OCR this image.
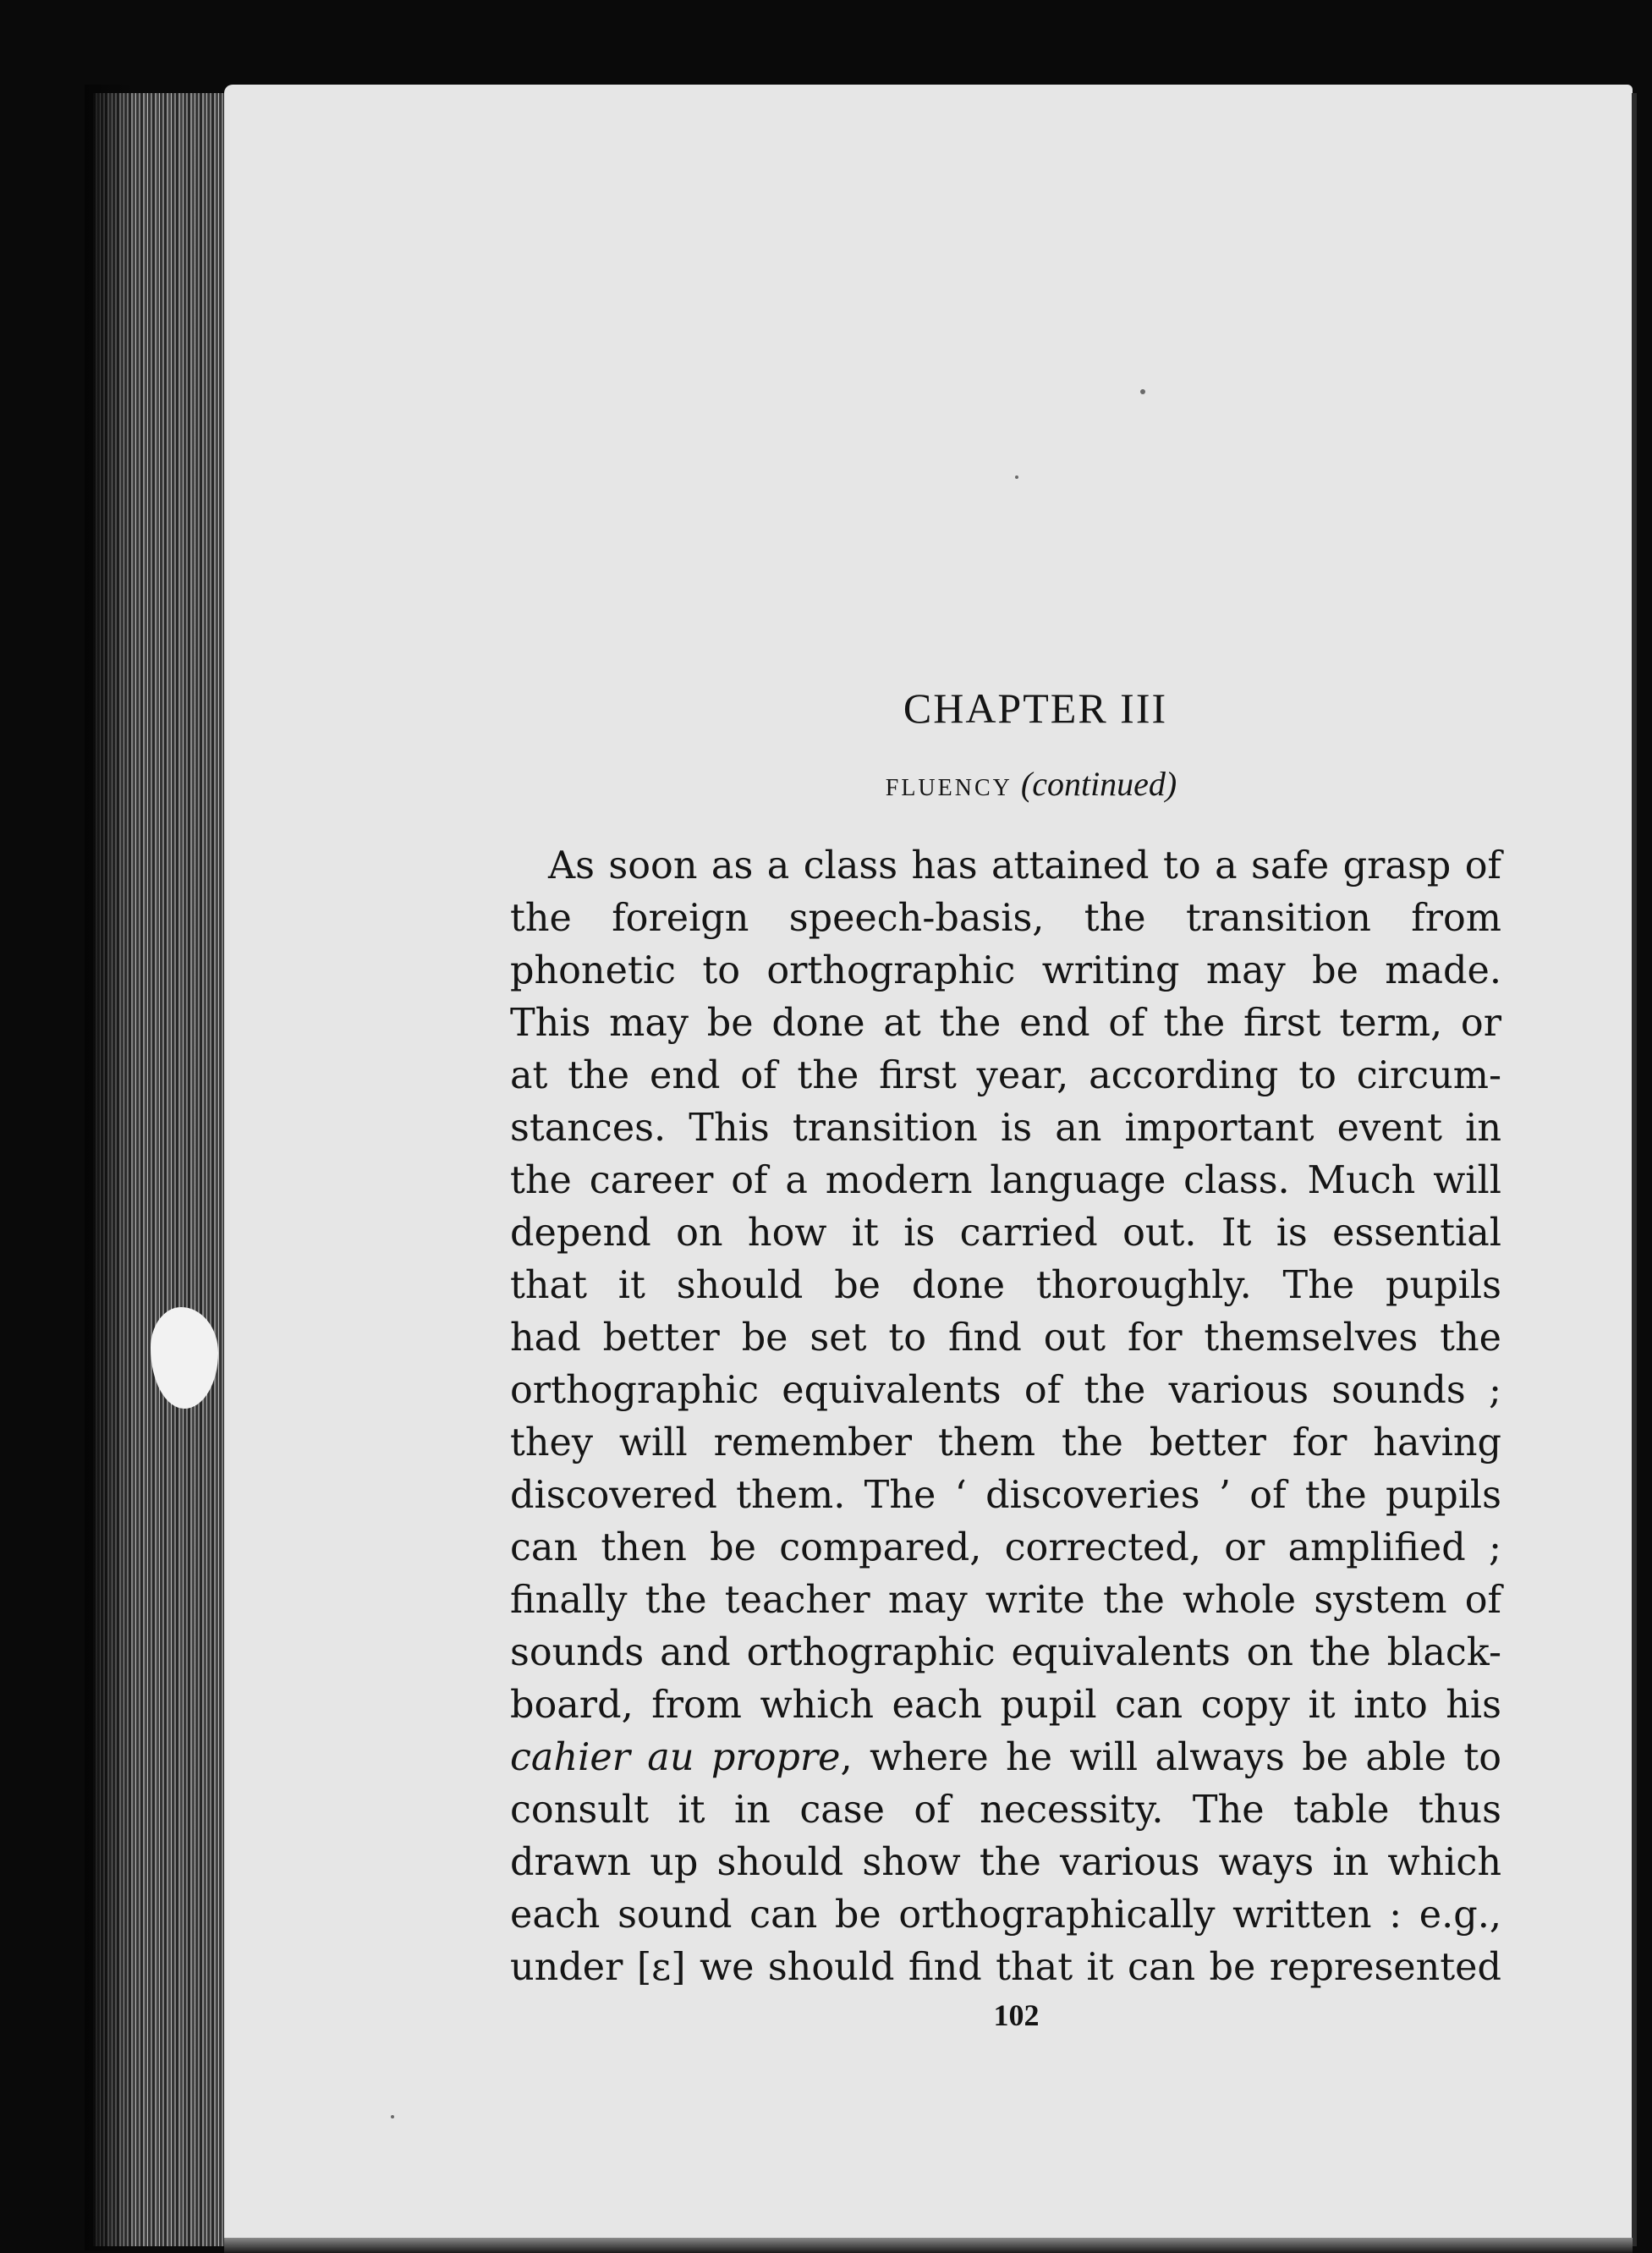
CHAPTER III
fluency (continued)
As soon as a class has attained to a safe grasp of
the foreign speech-basis, the transition from
phonetic to orthographic writing may be made.
This may be done at the end of the first term, or
at the end of the first year, according to circum-
stances. This transition is an important event in
the career of a modern language class. Much will
depend on how it is carried out. It is essential
that it should be done thoroughly. The pupils
had better be set to find out for themselves the
orthographic equivalents of the various sounds ;
they will remember them the better for having
discovered them. The ‘ discoveries ’ of the pupils
can then be compared, corrected, or amplified ;
finally the teacher may write the whole system of
sounds and orthographic equivalents on the black-
board, from which each pupil can copy it into his
cahier au propre, where he will always be able to
consult it in case of necessity. The table thus
drawn up should show the various ways in which
each sound can be orthographically written : e.g.,
under [ɛ] we should find that it can be represented
102
